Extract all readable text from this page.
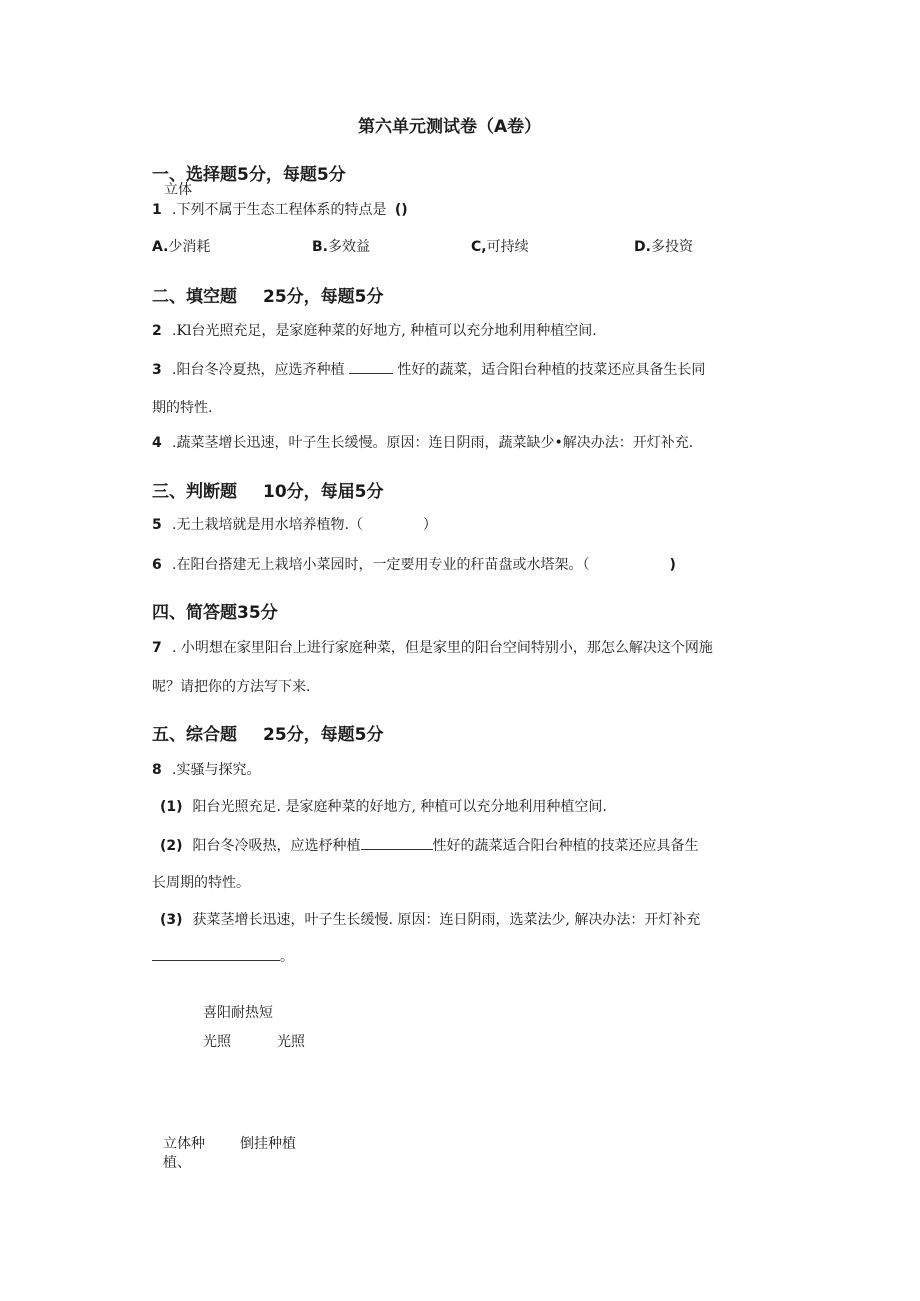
第六单元测试卷（A卷）
一、选择题5分，每题5分
立体
1 .下列不属于生态工程体系的特点是 ()
A.少消耗	B.多效益	C,可持续	D.多投资
二、填空题 25分，每题5分
2 .Kl台光照充足，是家庭种菜的好地方, 种植可以充分地利用种植空间.
3 .阳台冬冷夏热，应选齐种植	性好的蔬菜，适合阳台种植的技菜还应具备生长同
期的特性.
4 .蔬菜茎增长迅速，叶子生长缓慢。原因：连日阴雨，蔬菜缺少•解决办法：开灯补充.
三、判断题 10分，每届5分
5 .无土栽培就是用水培养植物.（	）
6 .在阳台搭建无上栽培小菜园时，一定要用专业的秆苗盘或水塔架。（	)
四、简答题35分
7 . 小明想在家里阳台上进行家庭种菜，但是家里的阳台空间特别小，那怎么解决这个网施
呢？请把你的方法写下来.
五、综合题 25分，每题5分
8 .实骚与探究。
(1) 阳台光照充足. 是家庭种菜的好地方, 种植可以充分地利用种植空间.
(2) 阳台冬冷吸热，应选杼种植	性好的蔬菜适合阳台种植的技菜还应具备生
长周期的特性。
(3) 获菜茎增长迅速，叶子生长缓慢. 原因：连日阴雨，选菜法少, 解决办法：开灯补充
。
喜阳耐热短
光照	光照
立体种
植、
倒挂种植
